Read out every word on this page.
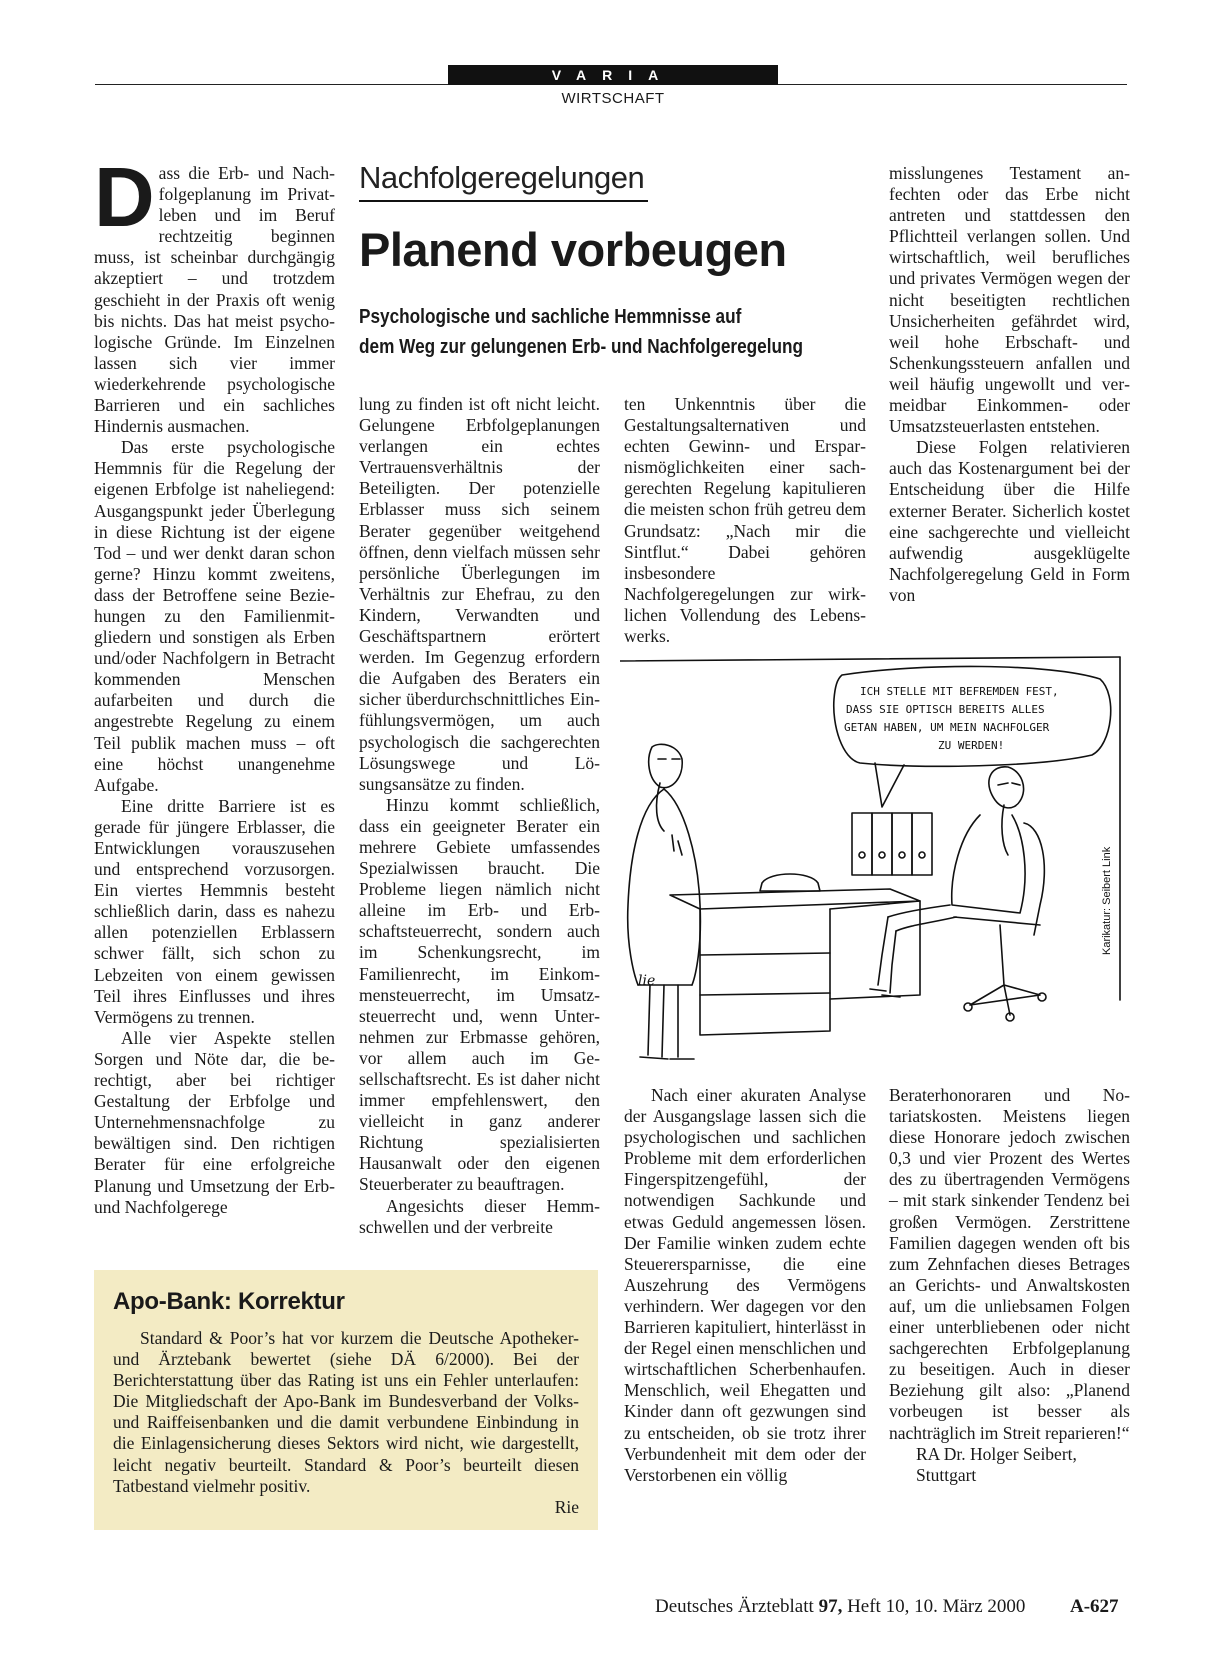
VARIA
WIRTSCHAFT

Dass die Erb- und Nachfolgeplanung im Privatleben und im Beruf rechtzeitig beginnen muss, ist scheinbar durchgängig akzeptiert – und trotzdem geschieht in der Praxis oft wenig bis nichts. Das hat meist psychologische Gründe. Im Einzelnen lassen sich vier immer wiederkehrende psychologische Barrieren und ein sachliches Hindernis ausmachen.

Das erste psychologische Hemmnis für die Regelung der eigenen Erbfolge ist naheliegend: Ausgangspunkt jeder Überlegung in diese Richtung ist der eigene Tod – und wer denkt daran schon gerne? Hinzu kommt zweitens, dass der Betroffene seine Beziehungen zu den Familienmitgliedern und sonstigen als Erben und/oder Nachfolgern in Betracht kommenden Menschen aufarbeiten und durch die angestrebte Regelung zu einem Teil publik machen muss – oft eine höchst unangenehme Aufgabe.

Eine dritte Barriere ist es gerade für jüngere Erblasser, die Entwicklungen vorauszusehen und entsprechend vorzusorgen. Ein viertes Hemmnis besteht schließlich darin, dass es nahezu allen potenziellen Erblassern schwer fällt, sich schon zu Lebzeiten von einem gewissen Teil ihres Einflusses und ihres Vermögens zu trennen.

Alle vier Aspekte stellen Sorgen und Nöte dar, die berechtigt, aber bei richtiger Gestaltung der Erbfolge und Unternehmensnachfolge zu bewältigen sind. Den richtigen Berater für eine erfolgreiche Planung und Umsetzung der Erb- und Nachfolgerege

Nachfolgeregelungen
Planend vorbeugen
Psychologische und sachliche Hemmnisse auf
dem Weg zur gelungenen Erb- und Nachfolgeregelung

lung zu finden ist oft nicht leicht. Gelungene Erbfolgeplanungen verlangen ein echtes Vertrauensverhältnis der Beteiligten. Der potenzielle Erblasser muss sich seinem Berater gegenüber weitgehend öffnen, denn vielfach müssen sehr persönliche Überlegungen im Verhältnis zur Ehefrau, zu den Kindern, Verwandten und Geschäftspartnern erörtert werden. Im Gegenzug erfordern die Aufgaben des Beraters ein sicher überdurchschnittliches Einfühlungsvermögen, um auch psychologisch die sachgerechten Lösungswege und Lösungsansätze zu finden.

Hinzu kommt schließlich, dass ein geeigneter Berater ein mehrere Gebiete umfassendes Spezialwissen braucht. Die Probleme liegen nämlich nicht alleine im Erb- und Erbschaftsteuerrecht, sondern auch im Schenkungsrecht, im Familienrecht, im Einkommensteuerrecht, im Umsatzsteuerrecht und, wenn Unternehmen zur Erbmasse gehören, vor allem auch im Gesellschaftsrecht. Es ist daher nicht immer empfehlenswert, den vielleicht in ganz anderer Richtung spezialisierten Hausanwalt oder den eigenen Steuerberater zu beauftragen.

Angesichts dieser Hemmschwellen und der verbreite

ten Unkenntnis über die Gestaltungsalternativen und echten Gewinn- und Ersparnismöglichkeiten einer sachgerechten Regelung kapitulieren die meisten schon früh getreu dem Grundsatz: „Nach mir die Sintflut.“ Dabei gehören insbesondere Nachfolgeregelungen zur wirklichen Vollendung des Lebenswerks.

misslungenes Testament anfechten oder das Erbe nicht antreten und stattdessen den Pflichtteil verlangen sollen. Und wirtschaftlich, weil berufliches und privates Vermögen wegen der nicht beseitigten rechtlichen Unsicherheiten gefährdet wird, weil hohe Erbschaft- und Schenkungssteuern anfallen und weil häufig ungewollt und vermeidbar Einkommen- oder Umsatzsteuerlasten entstehen.

Diese Folgen relativieren auch das Kostenargument bei der Entscheidung über die Hilfe externer Berater. Sicherlich kostet eine sachgerechte und vielleicht aufwendig ausgeklügelte Nachfolgeregelung Geld in Form von

ICH STELLE MIT BEFREMDEN FEST,
DASS SIE OPTISCH BEREITS ALLES
GETAN HABEN, UM MEIN NACHFOLGER
ZU WERDEN!
lie
Karikatur: Seibert Link

Nach einer akuraten Analyse der Ausgangslage lassen sich die psychologischen und sachlichen Probleme mit dem erforderlichen Fingerspitzengefühl, der notwendigen Sachkunde und etwas Geduld angemessen lösen. Der Familie winken zudem echte Steuerersparnisse, die eine Auszehrung des Vermögens verhindern. Wer dagegen vor den Barrieren kapituliert, hinterlässt in der Regel einen menschlichen und wirtschaftlichen Scherbenhaufen. Menschlich, weil Ehegatten und Kinder dann oft gezwungen sind zu entscheiden, ob sie trotz ihrer Verbundenheit mit dem oder der Verstorbenen ein völlig

Beraterhonoraren und Notariatskosten. Meistens liegen diese Honorare jedoch zwischen 0,3 und vier Prozent des Wertes des zu übertragenden Vermögens – mit stark sinkender Tendenz bei großen Vermögen. Zerstrittene Familien dagegen wenden oft bis zum Zehnfachen dieses Betrages an Gerichts- und Anwaltskosten auf, um die unliebsamen Folgen einer unterbliebenen oder nicht sachgerechten Erbfolgeplanung zu beseitigen. Auch in dieser Beziehung gilt also: „Planend vorbeugen ist besser als nachträglich im Streit reparieren!“

RA Dr. Holger Seibert,
Stuttgart
Apo-Bank: Korrektur

Standard & Poor’s hat vor kurzem die Deutsche Apotheker- und Ärztebank bewertet (siehe DÄ 6/2000). Bei der Berichterstattung über das Rating ist uns ein Fehler unterlaufen: Die Mitgliedschaft der Apo-Bank im Bundesverband der Volks- und Raiffeisenbanken und die damit verbundene Einbindung in die Einlagensicherung dieses Sektors wird nicht, wie dargestellt, leicht negativ beurteilt. Standard & Poor’s beurteilt diesen Tatbestand vielmehr positiv.

Rie
Deutsches Ärzteblatt 97, Heft 10, 10. März 2000 A-627
